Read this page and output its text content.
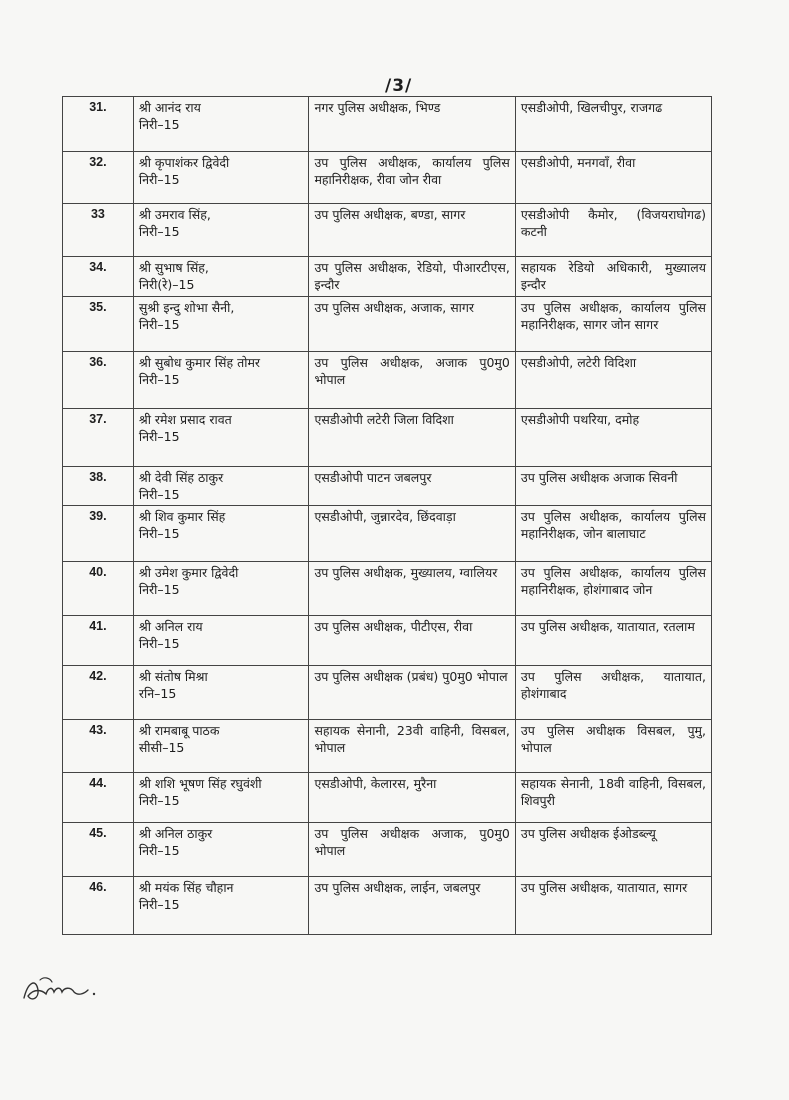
/3/
31.	श्री आनंद राय
निरी–15	नगर पुलिस अधीक्षक, भिण्ड	एसडीओपी, खिलचीपुर, राजगढ

32.	श्री कृपाशंकर द्विवेदी
निरी–15	उप पुलिस अधीक्षक, कार्यालय पुलिस महानिरीक्षक, रीवा जोन रीवा	एसडीओपी, मनगवाँ, रीवा

33	श्री उमराव सिंह,
निरी–15	उप पुलिस अधीक्षक, बण्डा, सागर	एसडीओपी कैमोर, (विजयराघोगढ) कटनी

34.	श्री सुभाष सिंह,
निरी(रे)–15	उप पुलिस अधीक्षक, रेडियो, पीआरटीएस, इन्दौर	सहायक रेडियो अधिकारी, मुख्यालय इन्दौर

35.	सुश्री इन्दु शोभा सैनी,
निरी–15	उप पुलिस अधीक्षक, अजाक, सागर	उप पुलिस अधीक्षक, कार्यालय पुलिस महानिरीक्षक, सागर जोन सागर

36.	श्री सुबोध कुमार सिंह तोमर
निरी–15	उप पुलिस अधीक्षक, अजाक पु0मु0 भोपाल	एसडीओपी, लटेरी विदिशा

37.	श्री रमेश प्रसाद रावत
निरी–15	एसडीओपी लटेरी जिला विदिशा	एसडीओपी पथरिया, दमोह

38.	श्री देवी सिंह ठाकुर
निरी–15	एसडीओपी पाटन जबलपुर	उप पुलिस अधीक्षक अजाक सिवनी

39.	श्री शिव कुमार सिंह
निरी–15	एसडीओपी, जुन्नारदेव, छिंदवाड़ा	उप पुलिस अधीक्षक, कार्यालय पुलिस महानिरीक्षक, जोन बालाघाट

40.	श्री उमेश कुमार द्विवेदी
निरी–15	उप पुलिस अधीक्षक, मुख्यालय, ग्वालियर	उप पुलिस अधीक्षक, कार्यालय पुलिस महानिरीक्षक, होशंगाबाद जोन

41.	श्री अनिल राय
निरी–15	उप पुलिस अधीक्षक, पीटीएस, रीवा	उप पुलिस अधीक्षक, यातायात, रतलाम

42.	श्री संतोष मिश्रा
रनि–15	उप पुलिस अधीक्षक (प्रबंध) पु0मु0 भोपाल	उप पुलिस अधीक्षक, यातायात, होशंगाबाद

43.	श्री रामबाबू पाठक
सीसी–15	सहायक सेनानी, 23वी वाहिनी, विसबल, भोपाल	उप पुलिस अधीक्षक विसबल, पुमु, भोपाल

44.	श्री शशि भूषण सिंह रघुवंशी
निरी–15	एसडीओपी, केलारस, मुरैना	सहायक सेनानी, 18वी वाहिनी, विसबल, शिवपुरी

45.	श्री अनिल ठाकुर
निरी–15	उप पुलिस अधीक्षक अजाक, पु0मु0 भोपाल	उप पुलिस अधीक्षक ईओडब्ल्यू

46.	श्री मयंक सिंह चौहान
निरी–15	उप पुलिस अधीक्षक, लाईन, जबलपुर	उप पुलिस अधीक्षक, यातायात, सागर
